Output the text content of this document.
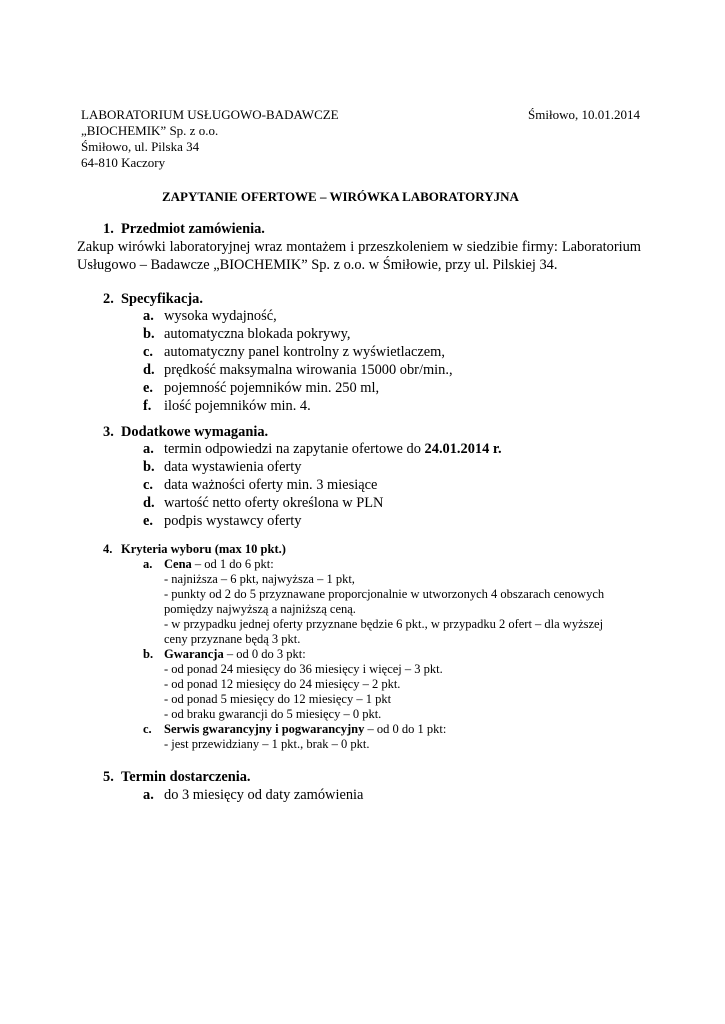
LABORATORIUM USŁUGOWO-BADAWCZE	Śmiłowo, 10.01.2014
„BIOCHEMIK” Sp. z o.o.
Śmiłowo, ul. Pilska 34
64-810 Kaczory
ZAPYTANIE OFERTOWE – WIRÓWKA LABORATORYJNA
1. Przedmiot zamówienia.
Zakup wirówki laboratoryjnej wraz montażem i przeszkoleniem w siedzibie firmy: Laboratorium
Usługowo – Badawcze „BIOCHEMIK” Sp. z o.o. w Śmiłowie, przy ul. Pilskiej 34.
2. Specyfikacja.
a. wysoka wydajność,
b. automatyczna blokada pokrywy,
c. automatyczny panel kontrolny z wyświetlaczem,
d. prędkość maksymalna wirowania 15000 obr/min.,
e. pojemność pojemników min. 250 ml,
f. ilość pojemników min. 4.
3. Dodatkowe wymagania.
a. termin odpowiedzi na zapytanie ofertowe do 24.01.2014 r.
b. data wystawienia oferty
c. data ważności oferty min. 3 miesiące
d. wartość netto oferty określona w PLN
e. podpis wystawcy oferty
4. Kryteria wyboru (max 10 pkt.)
a. Cena – od 1 do 6 pkt:
- najniższa – 6 pkt, najwyższa – 1 pkt,
- punkty od 2 do 5 przyznawane proporcjonalnie w utworzonych 4 obszarach cenowych
pomiędzy najwyższą a najniższą ceną.
- w przypadku jednej oferty przyznane będzie 6 pkt., w przypadku 2 ofert – dla wyższej
ceny przyznane będą 3 pkt.
b. Gwarancja – od 0 do 3 pkt:
- od ponad 24 miesięcy do 36 miesięcy i więcej – 3 pkt.
- od ponad 12 miesięcy do 24 miesięcy – 2 pkt.
- od ponad 5 miesięcy do 12 miesięcy – 1 pkt
- od braku gwarancji do 5 miesięcy – 0 pkt.
c. Serwis gwarancyjny i pogwarancyjny – od 0 do 1 pkt:
- jest przewidziany – 1 pkt., brak – 0 pkt.
5. Termin dostarczenia.
a. do 3 miesięcy od daty zamówienia
